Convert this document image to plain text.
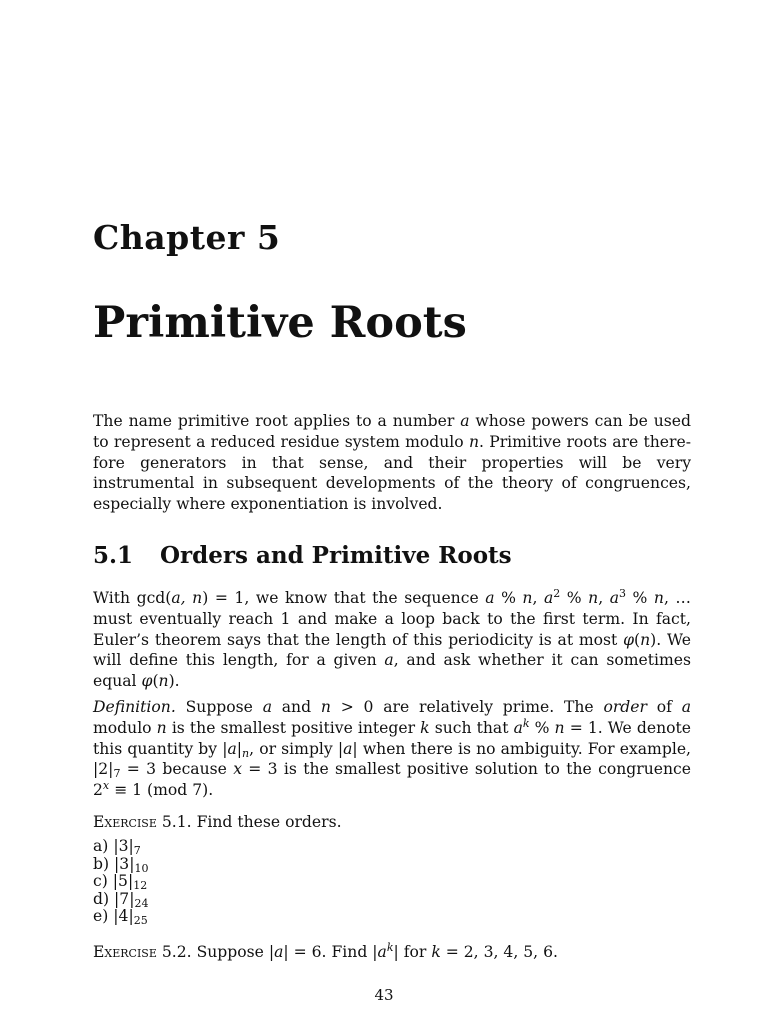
Chapter 5
Primitive Roots
The name primitive root applies to a number a whose powers can be used to represent a reduced residue system modulo n. Primitive roots are there- fore generators in that sense, and their properties will be very instrumental in subsequent developments of the theory of congruences, especially where exponentiation is involved.
5.1 Orders and Primitive Roots
With gcd(a, n) = 1, we know that the sequence a % n, $a^2$ % n, $a^3$ % n, … must eventually reach 1 and make a loop back to the first term. In fact, Euler’s theorem says that the length of this periodicity is at most φ(n). We will define this length, for a given a, and ask whether it can sometimes equal φ(n).
Definition. Suppose a and n > 0 are relatively prime. The order of a modulo n is the smallest positive integer k such that $a^k$ % n = 1. We denote this quantity by $|a|_n$, or simply |a| when there is no ambiguity. For example, $|2|_7 = 3$ because x = 3 is the smallest positive solution to the congruence $2^x \equiv 1$ (mod 7).
Exercise 5.1. Find these orders.
a) $|3|_7$
b) $|3|_{10}$
c) $|5|_{12}$
d) $|7|_{24}$
e) $|4|_{25}$
Exercise 5.2. Suppose |a| = 6. Find $|a^k|$ for k = 2, 3, 4, 5, 6.
43
